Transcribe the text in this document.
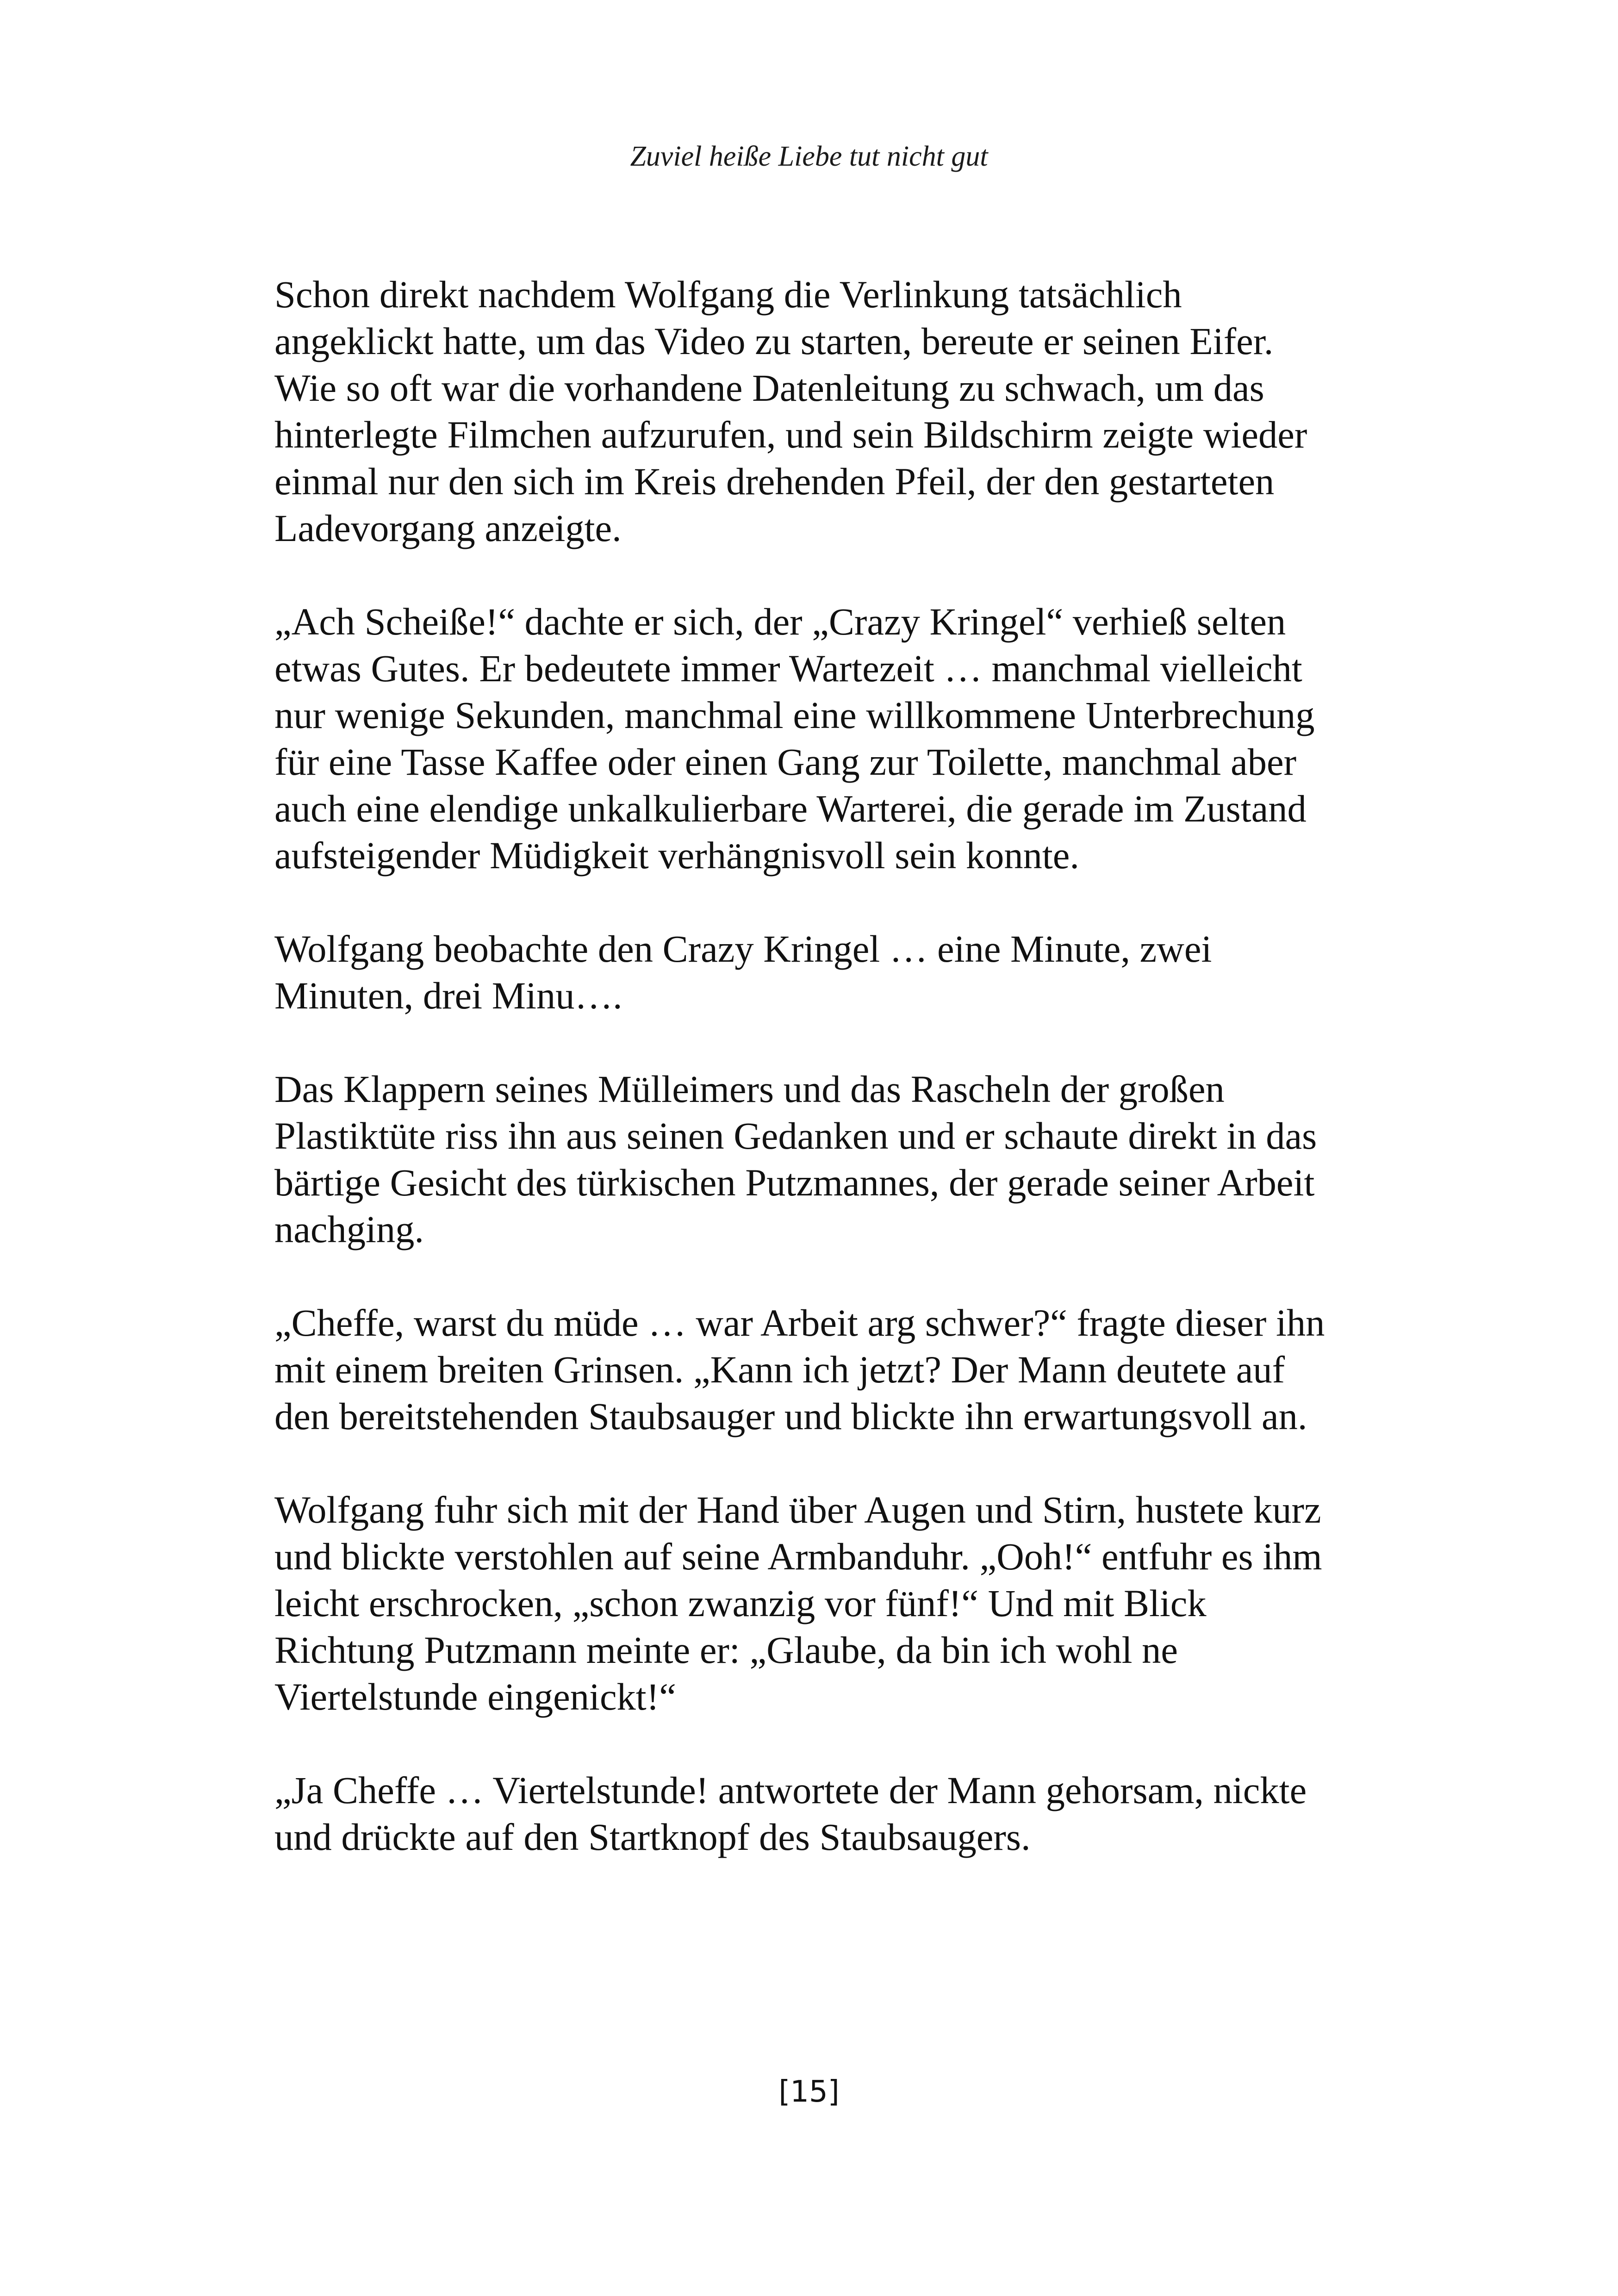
Zuviel heiße Liebe tut nicht gut
Schon direkt nachdem Wolfgang die Verlinkung tatsächlich
angeklickt hatte, um das Video zu starten, bereute er seinen Eifer.
Wie so oft war die vorhandene Datenleitung zu schwach, um das
hinterlegte Filmchen aufzurufen, und sein Bildschirm zeigte wieder
einmal nur den sich im Kreis drehenden Pfeil, der den gestarteten
Ladevorgang anzeigte.
„Ach Scheiße!“ dachte er sich, der „Crazy Kringel“ verhieß selten
etwas Gutes. Er bedeutete immer Wartezeit … manchmal vielleicht
nur wenige Sekunden, manchmal eine willkommene Unterbrechung
für eine Tasse Kaffee oder einen Gang zur Toilette, manchmal aber
auch eine elendige unkalkulierbare Warterei, die gerade im Zustand
aufsteigender Müdigkeit verhängnisvoll sein konnte.
Wolfgang beobachte den Crazy Kringel … eine Minute, zwei
Minuten, drei Minu….
Das Klappern seines Mülleimers und das Rascheln der großen
Plastiktüte riss ihn aus seinen Gedanken und er schaute direkt in das
bärtige Gesicht des türkischen Putzmannes, der gerade seiner Arbeit
nachging.
„Cheffe, warst du müde … war Arbeit arg schwer?“ fragte dieser ihn
mit einem breiten Grinsen. „Kann ich jetzt? Der Mann deutete auf
den bereitstehenden Staubsauger und blickte ihn erwartungsvoll an.
Wolfgang fuhr sich mit der Hand über Augen und Stirn, hustete kurz
und blickte verstohlen auf seine Armbanduhr. „Ooh!“ entfuhr es ihm
leicht erschrocken, „schon zwanzig vor fünf!“ Und mit Blick
Richtung Putzmann meinte er: „Glaube, da bin ich wohl ne
Viertelstunde eingenickt!“
„Ja Cheffe … Viertelstunde! antwortete der Mann gehorsam, nickte
und drückte auf den Startknopf des Staubsaugers.
[15]
